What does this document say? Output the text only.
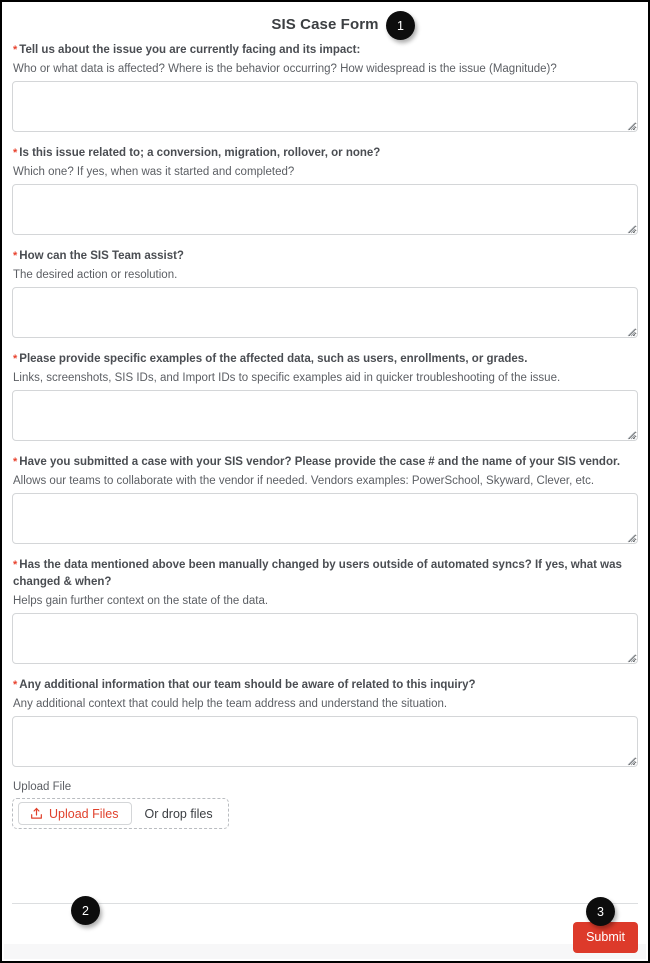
SIS Case Form
* Tell us about the issue you are currently facing and its impact:
Who or what data is affected? Where is the behavior occurring? How widespread is the issue (Magnitude)?
* Is this issue related to; a conversion, migration, rollover, or none?
Which one? If yes, when was it started and completed?
* How can the SIS Team assist?
The desired action or resolution.
* Please provide specific examples of the affected data, such as users, enrollments, or grades.
Links, screenshots, SIS IDs, and Import IDs to specific examples aid in quicker troubleshooting of the issue.
* Have you submitted a case with your SIS vendor? Please provide the case # and the name of your SIS vendor.
Allows our teams to collaborate with the vendor if needed. Vendors examples: PowerSchool, Skyward, Clever, etc.
* Has the data mentioned above been manually changed by users outside of automated syncs? If yes, what was changed & when?
Helps gain further context on the state of the data.
* Any additional information that our team should be aware of related to this inquiry?
Any additional context that could help the team address and understand the situation.
Upload File
Upload Files	Or drop files
Submit
1
2	3
